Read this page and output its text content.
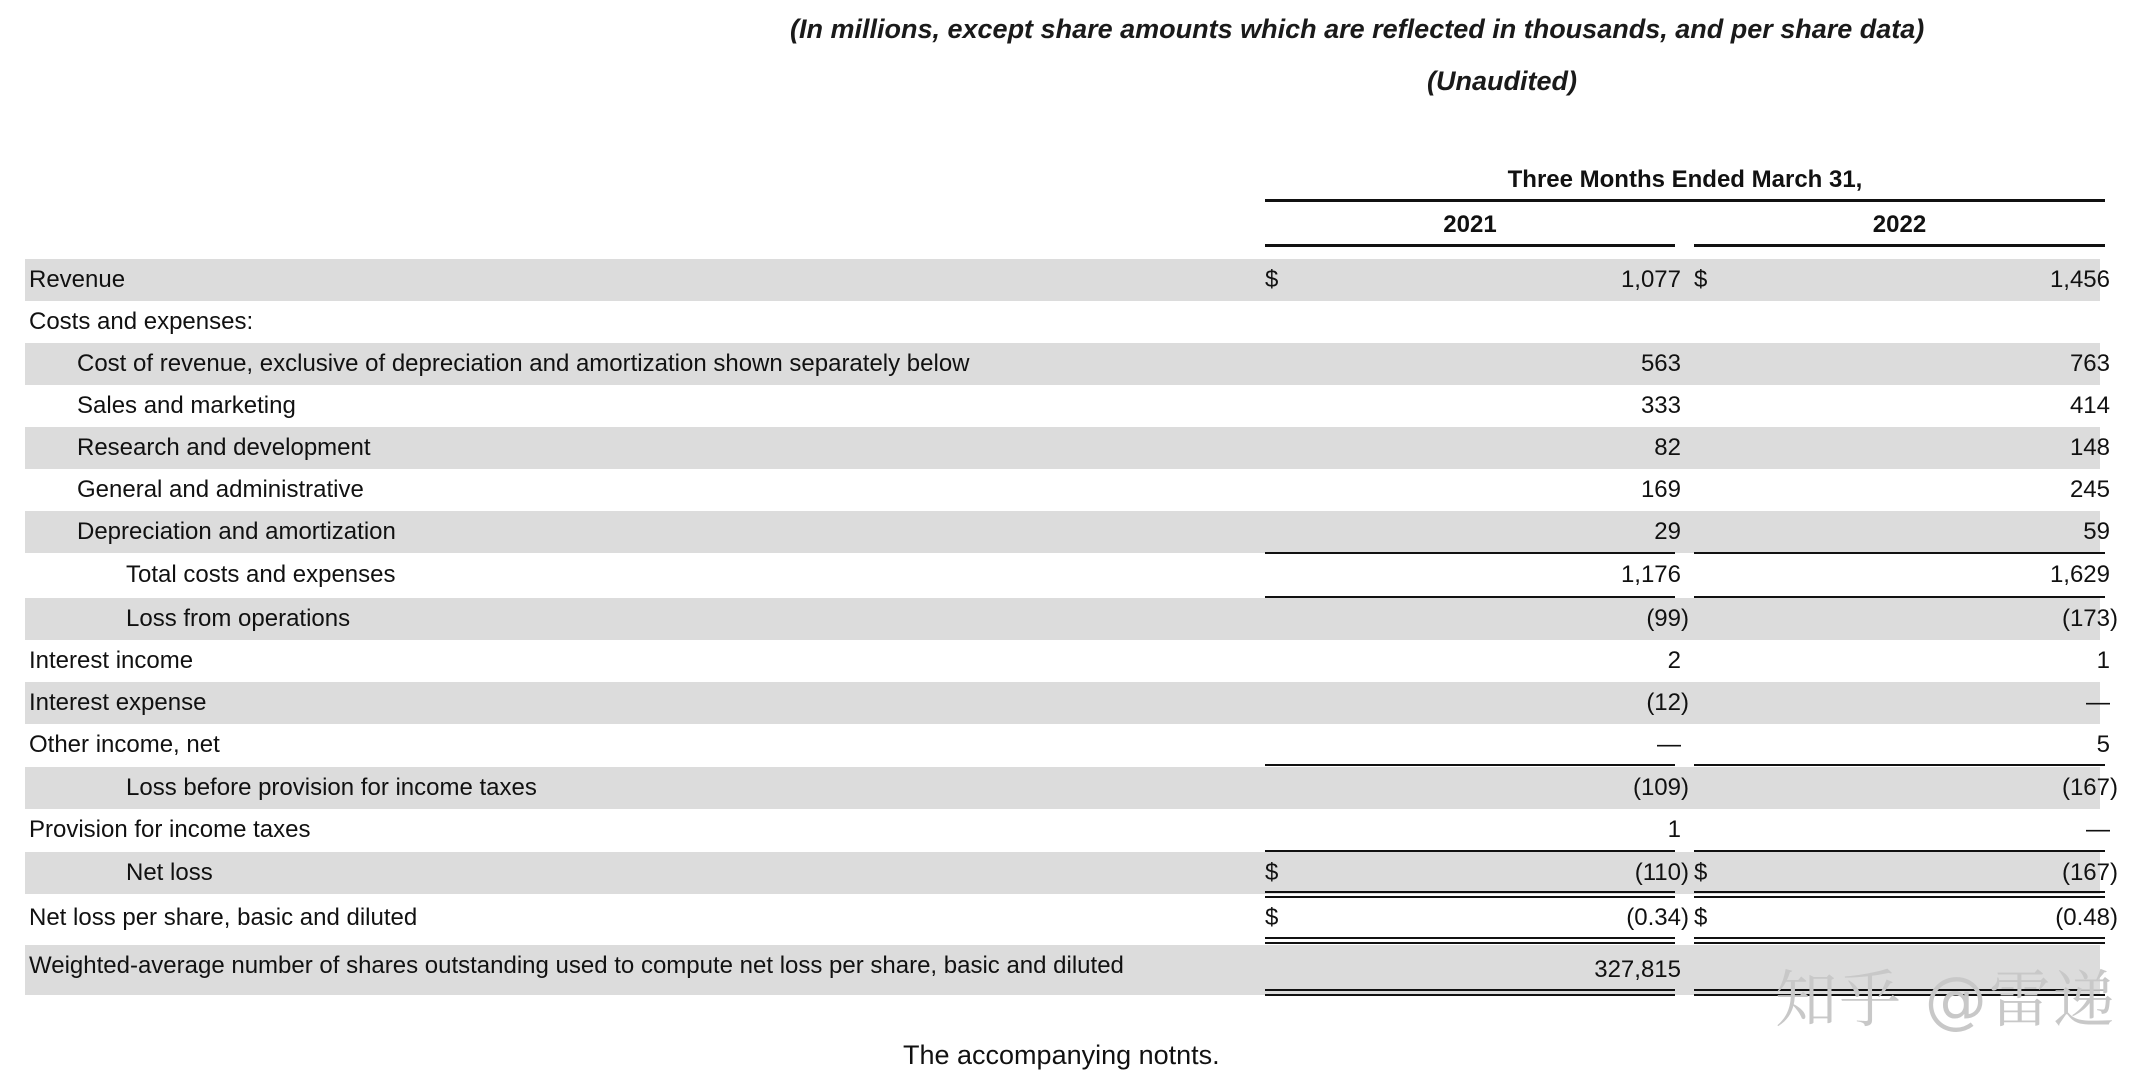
(In millions, except share amounts which are reflected in thousands, and per share data)
(Unaudited)
Three Months Ended March 31,
2021	2022
Revenue	$	1,077 $	1,456
Costs and expenses:
Cost of revenue, exclusive of depreciation and amortization shown separately below	563	763
Sales and marketing	333	414
Research and development	82	148
General and administrative	169	245
Depreciation and amortization	29	59
Total costs and expenses	1,176	1,629
Loss from operations	(99)	(173)
Interest income	2	1
Interest expense	(12)	—
Other income, net	—	5
Loss before provision for income taxes	(109)	(167)
Provision for income taxes	1	—
Net loss	$	(110) $	(167)
Net loss per share, basic and diluted	$	(0.34) $	(0.48)
Weighted-average number of shares outstanding used to compute net loss per share, basic and diluted	327,815 知乎 @雷递
The accompanying notnts.
